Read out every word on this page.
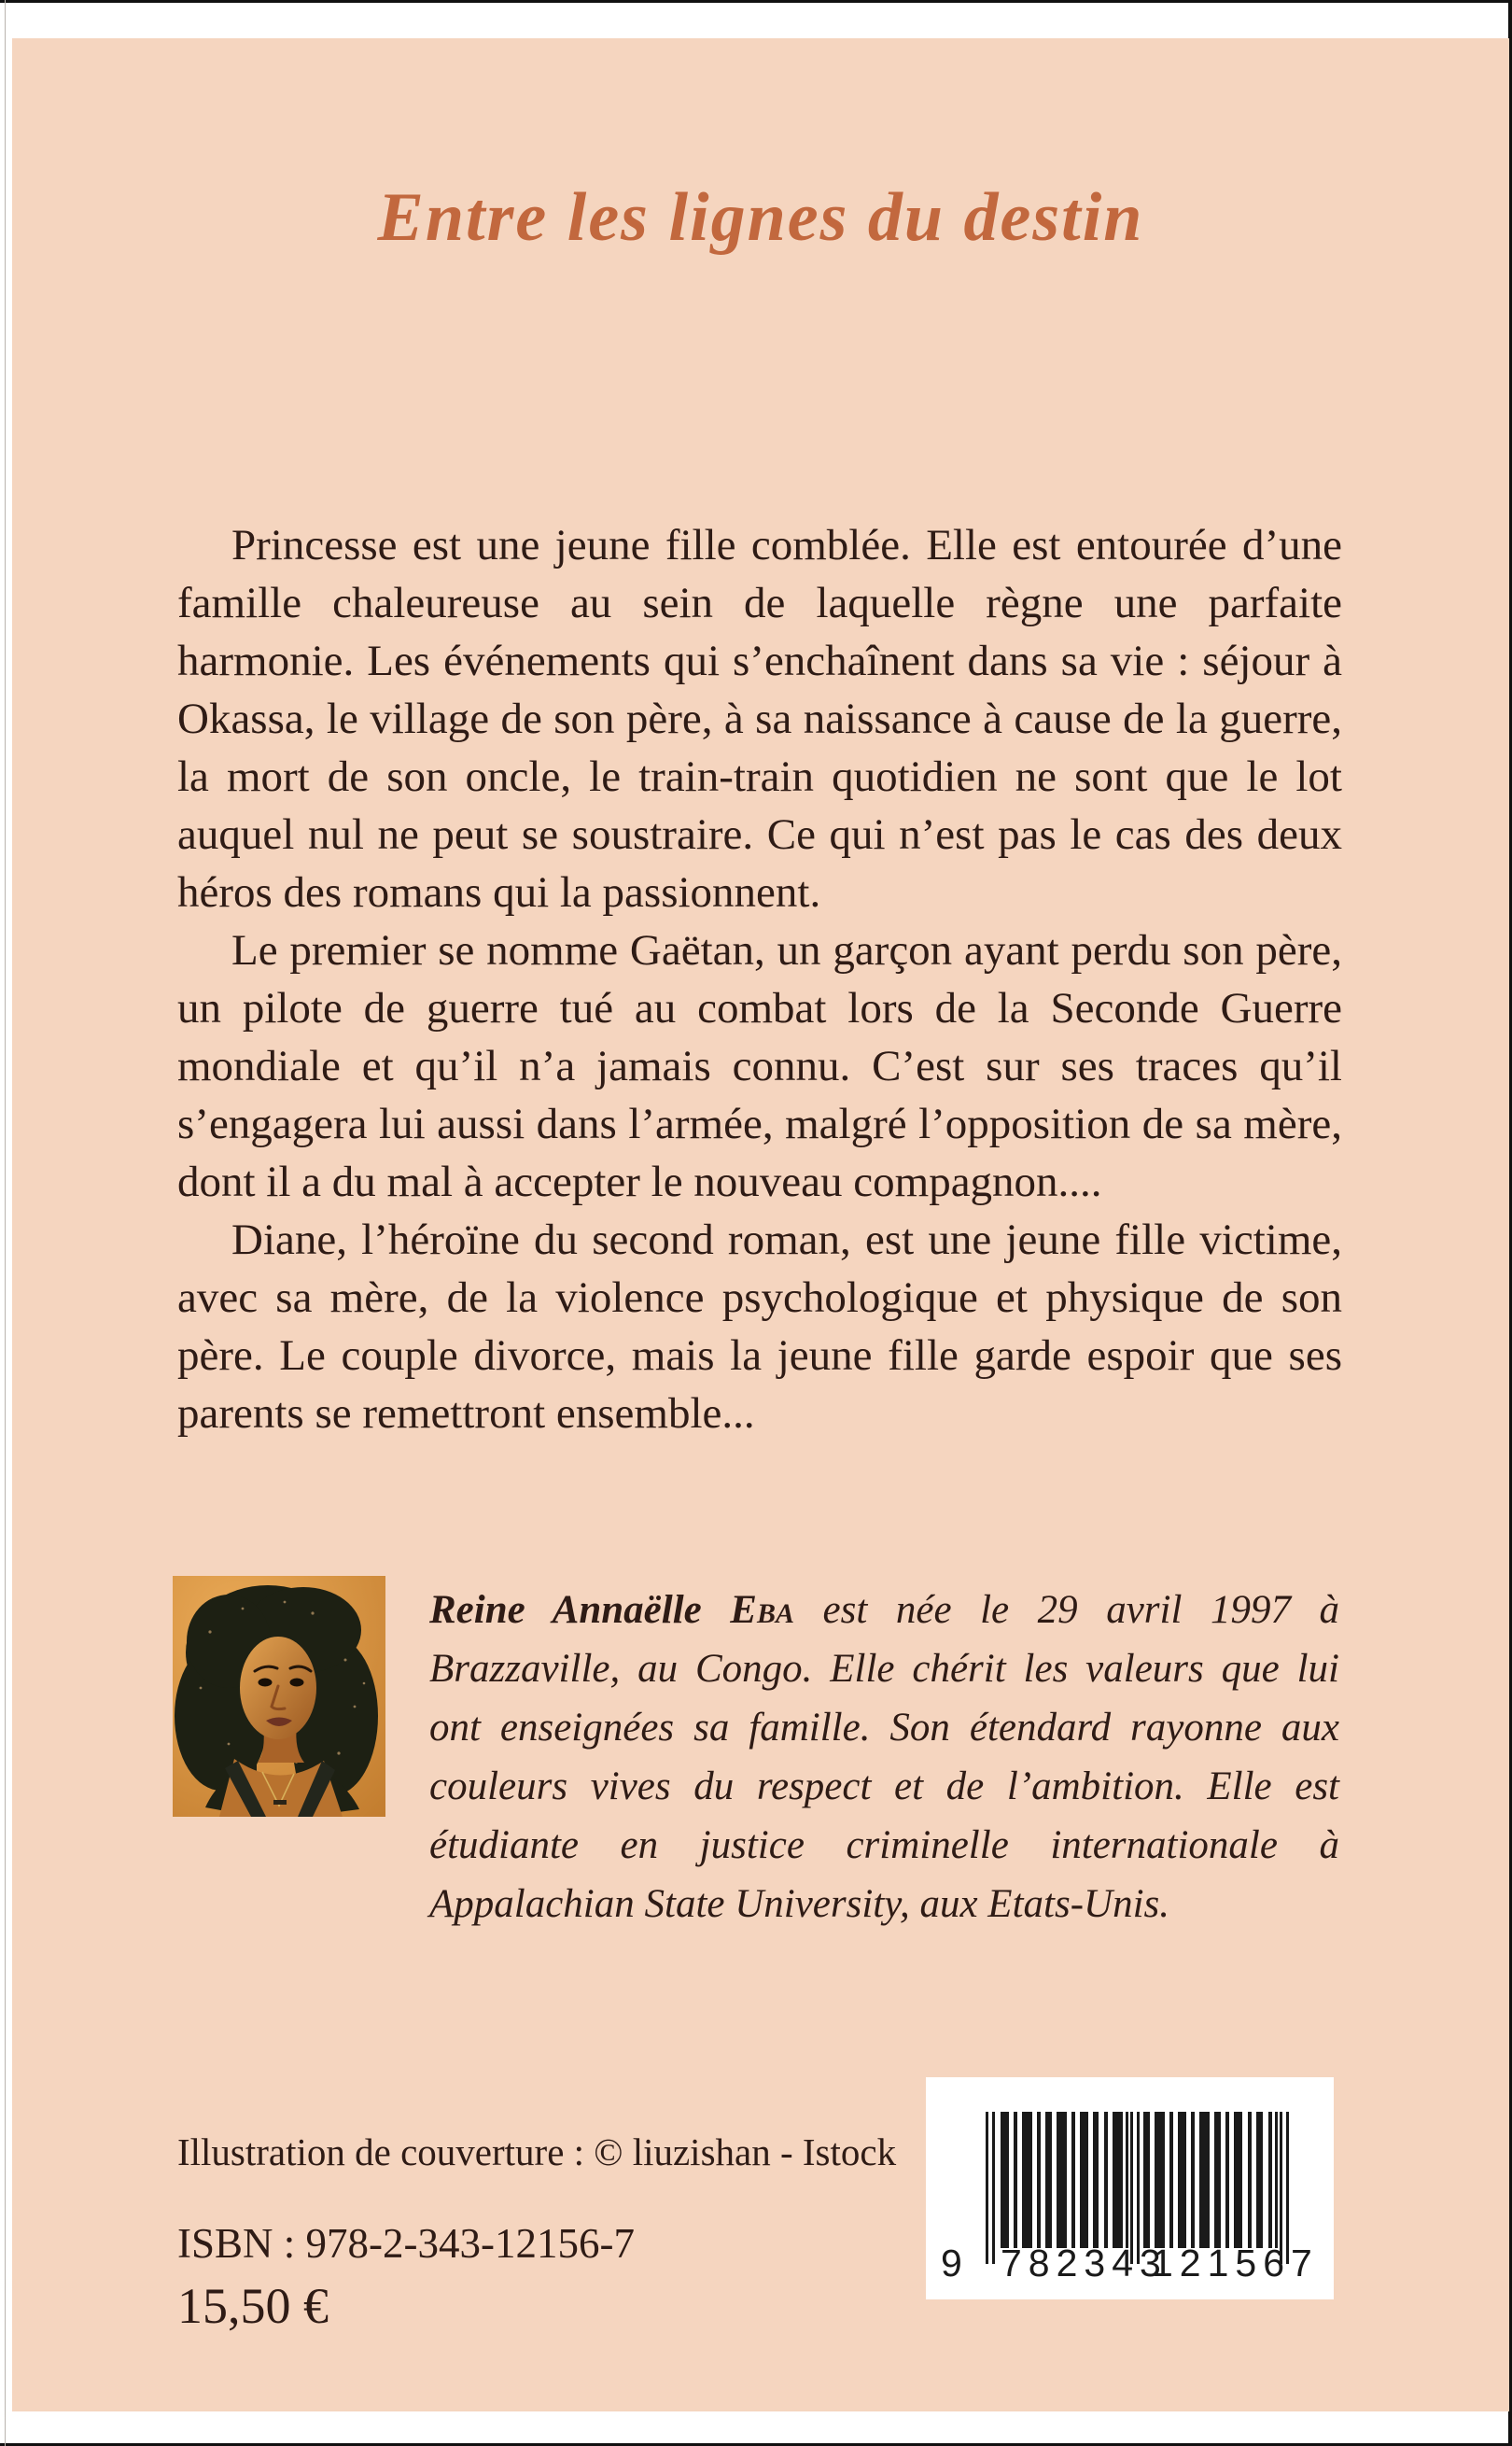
Entre les lignes du destin

Princesse est une jeune fille comblée. Elle est entourée d’une famille chaleureuse au sein de laquelle règne une parfaite harmonie. Les événements qui s’enchaînent dans sa vie : séjour à Okassa, le village de son père, à sa naissance à cause de la guerre, la mort de son oncle, le train-train quotidien ne sont que le lot auquel nul ne peut se soustraire. Ce qui n’est pas le cas des deux héros des romans qui la passionnent.

Le premier se nomme Gaëtan, un garçon ayant perdu son père, un pilote de guerre tué au combat lors de la Seconde Guerre mondiale et qu’il n’a jamais connu. C’est sur ses traces qu’il s’engagera lui aussi dans l’armée, malgré l’opposition de sa mère, dont il a du mal à accepter le nouveau compagnon....

Diane, l’héroïne du second roman, est une jeune fille victime, avec sa mère, de la violence psychologique et physique de son père. Le couple divorce, mais la jeune fille garde espoir que ses parents se remettront ensemble...

Reine Annaëlle Eba est née le 29 avril 1997 à Brazzaville, au Congo. Elle chérit les valeurs que lui ont enseignées sa famille. Son étendard rayonne aux couleurs vives du respect et de l’ambition. Elle est étudiante en justice criminelle internationale à Appalachian State University, aux Etats-Unis.

Illustration de couverture : © liuzishan - Istock

ISBN : 978-2-343-12156-7

15,50 €

9 782343
121567
